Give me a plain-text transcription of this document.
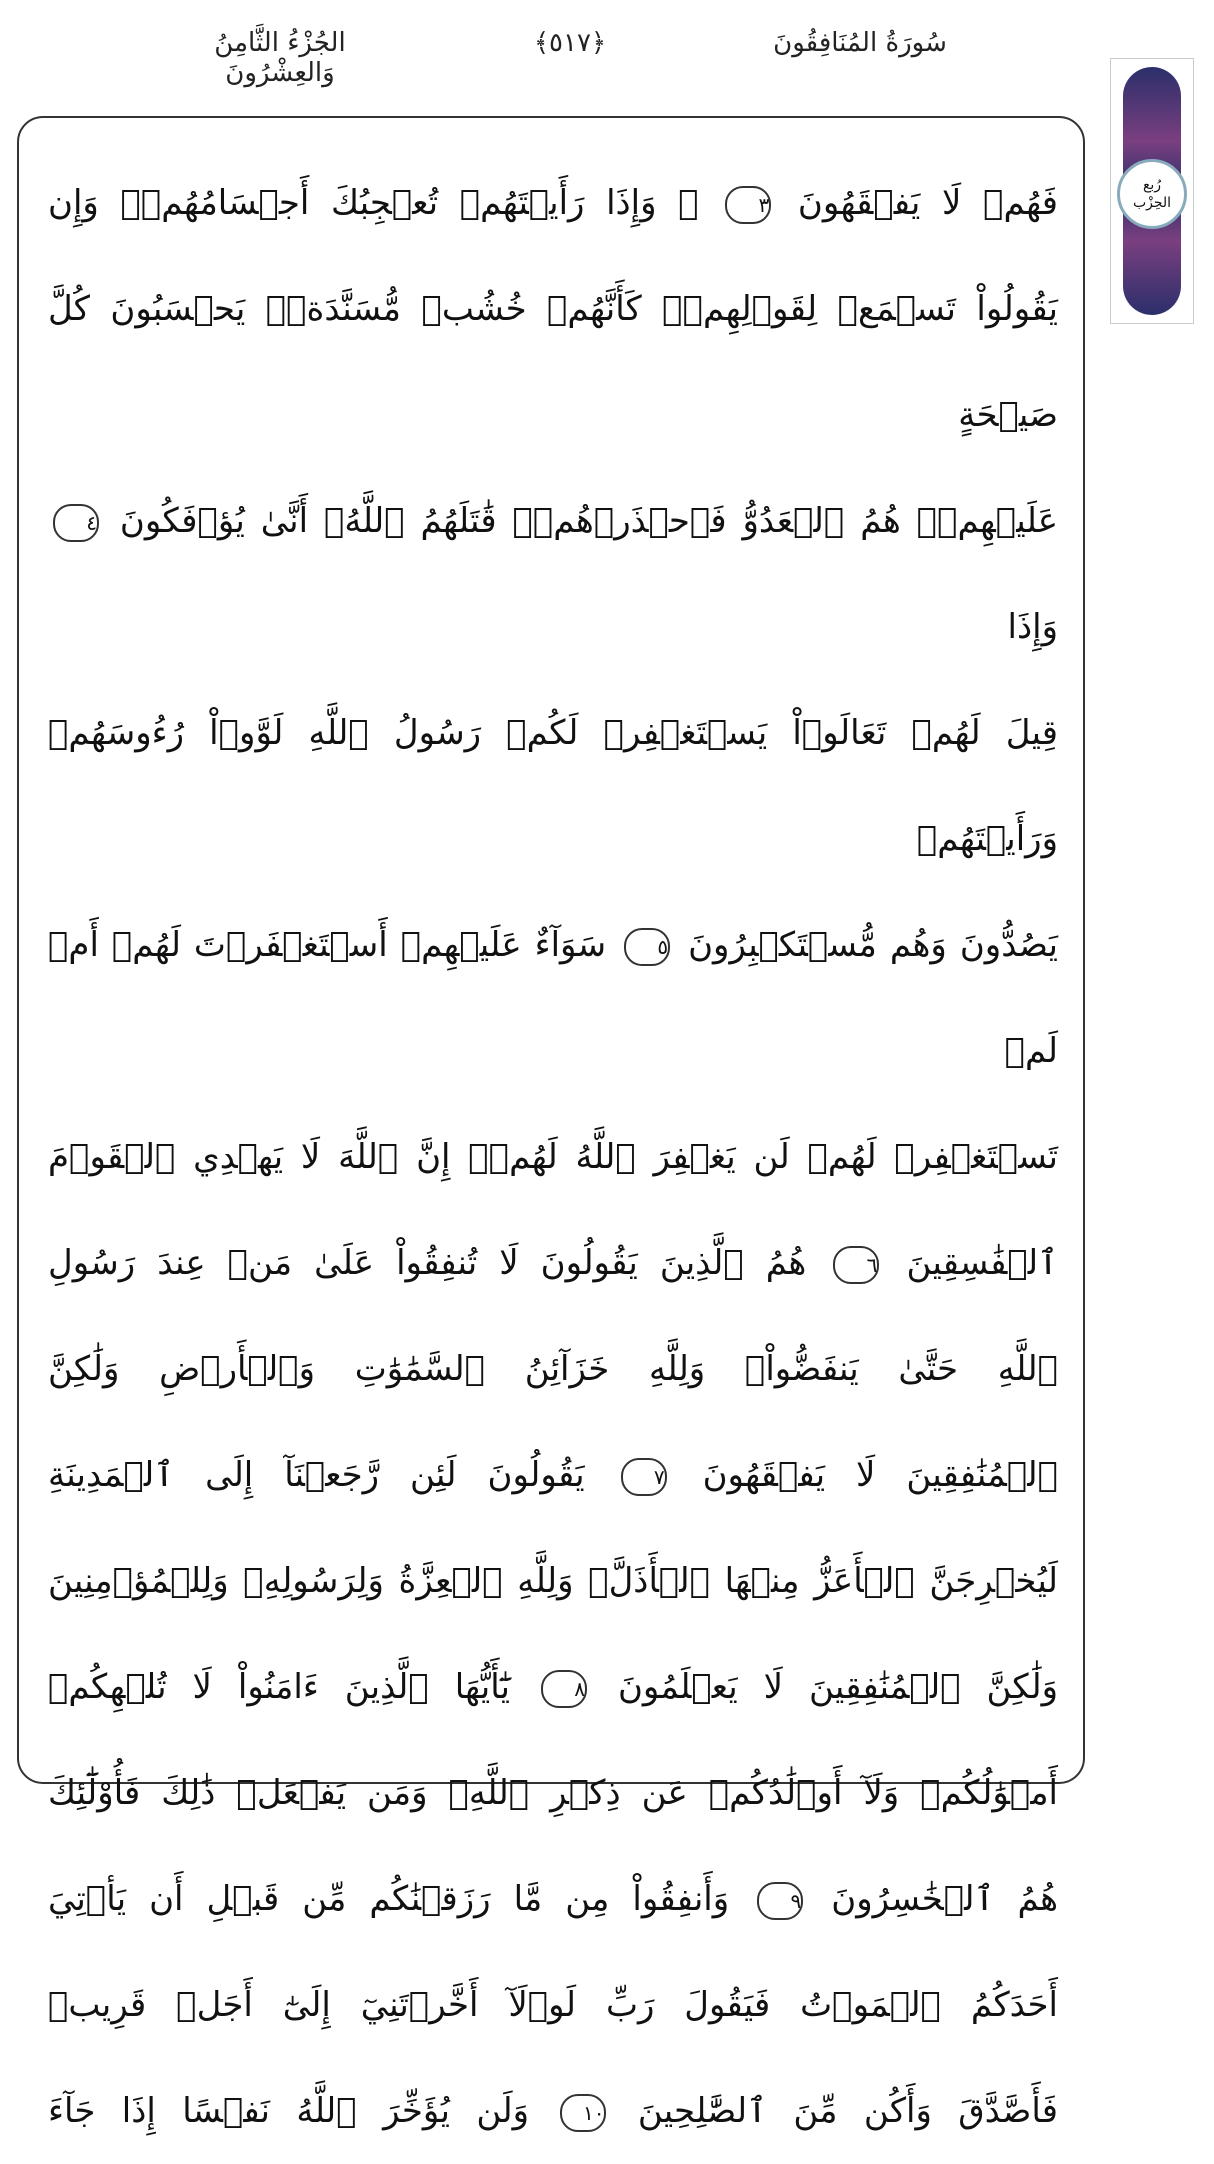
سُورَةُ المُنَافِقُونَ
﴿٥١٧﴾
الجُزْءُ الثَّامِنُ وَالعِشْرُونَ
رُبع
الحِزْب
فَهُمۡ لَا يَفۡقَهُونَ ٣ ۞ وَإِذَا رَأَيۡتَهُمۡ تُعۡجِبُكَ أَجۡسَامُهُمۡۖ وَإِن
يَقُولُواْ تَسۡمَعۡ لِقَوۡلِهِمۡۖ كَأَنَّهُمۡ خُشُبٞ مُّسَنَّدَةٞۖ يَحۡسَبُونَ كُلَّ صَيۡحَةٍ
عَلَيۡهِمۡۚ هُمُ ٱلۡعَدُوُّ فَٱحۡذَرۡهُمۡۚ قَٰتَلَهُمُ ٱللَّهُۖ أَنَّىٰ يُؤۡفَكُونَ ٤ وَإِذَا
قِيلَ لَهُمۡ تَعَالَوۡاْ يَسۡتَغۡفِرۡ لَكُمۡ رَسُولُ ٱللَّهِ لَوَّوۡاْ رُءُوسَهُمۡ وَرَأَيۡتَهُمۡ
يَصُدُّونَ وَهُم مُّسۡتَكۡبِرُونَ ٥ سَوَآءٌ عَلَيۡهِمۡ أَسۡتَغۡفَرۡتَ لَهُمۡ أَمۡ لَمۡ
تَسۡتَغۡفِرۡ لَهُمۡ لَن يَغۡفِرَ ٱللَّهُ لَهُمۡۚ إِنَّ ٱللَّهَ لَا يَهۡدِي ٱلۡقَوۡمَ
ٱلۡفَٰسِقِينَ ٦ هُمُ ٱلَّذِينَ يَقُولُونَ لَا تُنفِقُواْ عَلَىٰ مَنۡ عِندَ رَسُولِ
ٱللَّهِ حَتَّىٰ يَنفَضُّواْۗ وَلِلَّهِ خَزَآئِنُ ٱلسَّمَٰوَٰتِ وَٱلۡأَرۡضِ وَلَٰكِنَّ
ٱلۡمُنَٰفِقِينَ لَا يَفۡقَهُونَ ٧ يَقُولُونَ لَئِن رَّجَعۡنَآ إِلَى ٱلۡمَدِينَةِ
لَيُخۡرِجَنَّ ٱلۡأَعَزُّ مِنۡهَا ٱلۡأَذَلَّۚ وَلِلَّهِ ٱلۡعِزَّةُ وَلِرَسُولِهِۦ وَلِلۡمُؤۡمِنِينَ
وَلَٰكِنَّ ٱلۡمُنَٰفِقِينَ لَا يَعۡلَمُونَ ٨ يَٰٓأَيُّهَا ٱلَّذِينَ ءَامَنُواْ لَا تُلۡهِكُمۡ
أَمۡوَٰلُكُمۡ وَلَآ أَوۡلَٰدُكُمۡ عَن ذِكۡرِ ٱللَّهِۚ وَمَن يَفۡعَلۡ ذَٰلِكَ فَأُوْلَٰٓئِكَ
هُمُ ٱلۡخَٰسِرُونَ ٩ وَأَنفِقُواْ مِن مَّا رَزَقۡنَٰكُم مِّن قَبۡلِ أَن يَأۡتِيَ
أَحَدَكُمُ ٱلۡمَوۡتُ فَيَقُولَ رَبِّ لَوۡلَآ أَخَّرۡتَنِيٓ إِلَىٰٓ أَجَلٖ قَرِيبٖ
فَأَصَّدَّقَ وَأَكُن مِّنَ ٱلصَّٰلِحِينَ ١٠ وَلَن يُؤَخِّرَ ٱللَّهُ نَفۡسًا إِذَا جَآءَ
